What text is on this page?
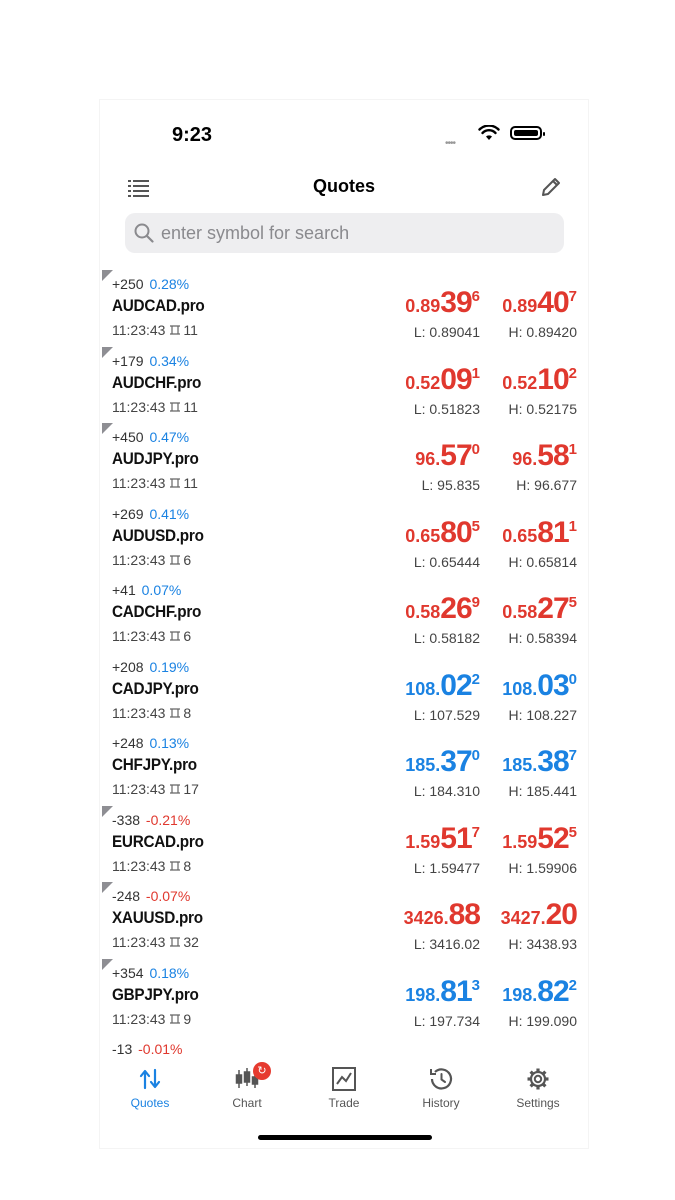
9:23	••••
Quotes
enter symbol for search
+250 0.28%
AUDCAD.pro
11:23:43 11
0.89396	0.89407
L: 0.89041 H: 0.89420
+179 0.34%
AUDCHF.pro
11:23:43 11
0.52091	0.52102
L: 0.51823 H: 0.52175
+450 0.47%
AUDJPY.pro
11:23:43 11
96.570	96.581
L: 95.835	H: 96.677
+269 0.41%
AUDUSD.pro
11:23:43 6
0.65805	0.65811
L: 0.65444 H: 0.65814
+41 0.07%
CADCHF.pro
11:23:43 6
0.58269	0.58275
L: 0.58182 H: 0.58394
+208 0.19%
CADJPY.pro
11:23:43 8
108.022	108.030
L: 107.529 H: 108.227
+248 0.13%
CHFJPY.pro
11:23:43 17
185.370	185.387
L: 184.310 H: 185.441
-338 -0.21%
EURCAD.pro
11:23:43 8
1.59517	1.59525
L: 1.59477 H: 1.59906
-248 -0.07%
XAUUSD.pro
11:23:43 32
3426.88	3427.20
L: 3416.02 H: 3438.93
+354 0.18%
GBPJPY.pro
11:23:43 9
198.813	198.822
L: 197.734 H: 199.090
-13 -0.01%
Quotes
↻
Chart	Trade	History	Settings
